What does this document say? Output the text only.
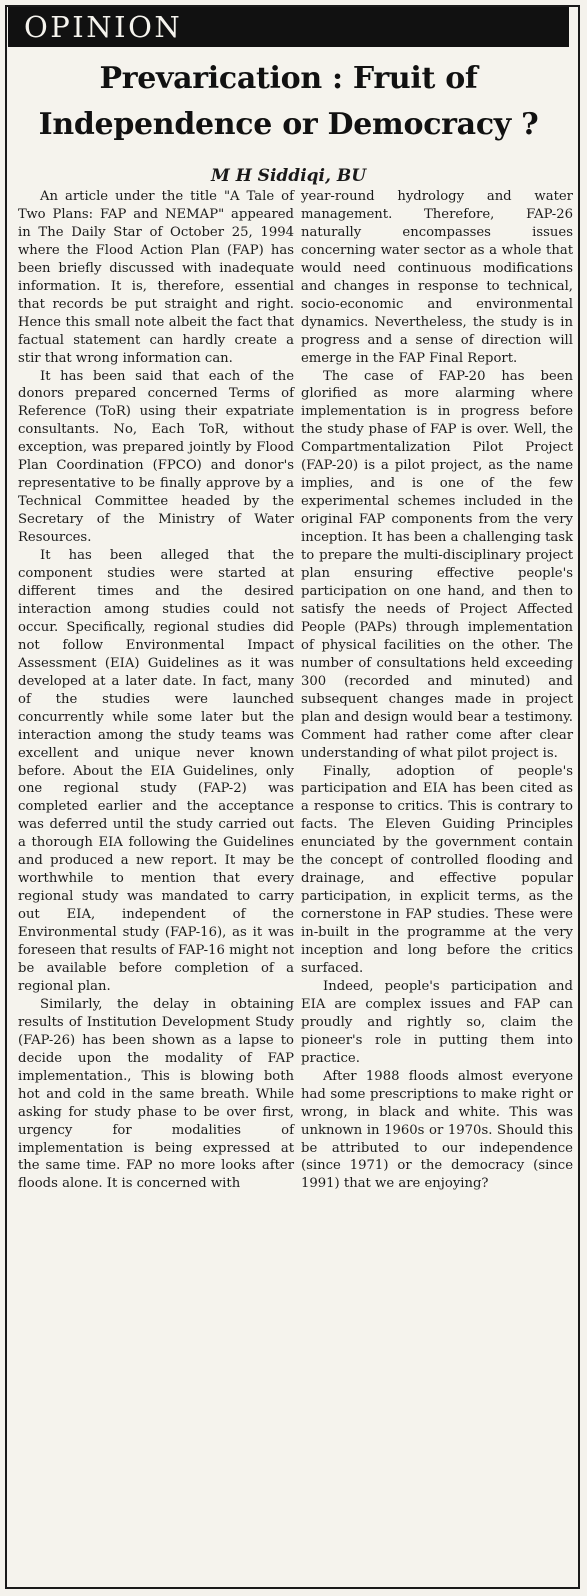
OPINION
Prevarication : Fruit of
Independence or Democracy ?
M H Siddiqi, BU

An article under the title "A Tale of Two Plans: FAP and NEMAP" appeared in The Daily Star of October 25, 1994 where the Flood Action Plan (FAP) has been briefly discussed with inadequate information. It is, therefore, essential that records be put straight and right. Hence this small note albeit the fact that factual statement can hardly create a stir that wrong information can.

It has been said that each of the donors prepared concerned Terms of Reference (ToR) using their expatriate consultants. No, Each ToR, without exception, was prepared jointly by Flood Plan Coordination (FPCO) and donor's representative to be finally approve by a Technical Committee headed by the Secretary of the Ministry of Water Resources.

It has been alleged that the component studies were started at different times and the desired interaction among studies could not occur. Specifically, regional studies did not follow Environmental Impact Assessment (EIA) Guidelines as it was developed at a later date. In fact, many of the studies were launched concurrently while some later but the interaction among the study teams was excellent and unique never known before. About the EIA Guidelines, only one regional study (FAP-2) was completed earlier and the acceptance was deferred until the study carried out a thorough EIA following the Guidelines and produced a new report. It may be worthwhile to mention that every regional study was mandated to carry out EIA, independent of the Environmental study (FAP-16), as it was foreseen that results of FAP-16 might not be available before completion of a regional plan.

Similarly, the delay in obtaining results of Institution Development Study (FAP-26) has been shown as a lapse to decide upon the modality of FAP implementation., This is blowing both hot and cold in the same breath. While asking for study phase to be over first, urgency for modalities of implementation is being expressed at the same time. FAP no more looks after floods alone. It is concerned with

year-round hydrology and water management. Therefore, FAP-26 naturally encompasses issues concerning water sector as a whole that would need continuous modifications and changes in response to technical, socio-economic and environmental dynamics. Nevertheless, the study is in progress and a sense of direction will emerge in the FAP Final Report.

The case of FAP-20 has been glorified as more alarming where implementation is in progress before the study phase of FAP is over. Well, the Compartmentalization Pilot Project (FAP-20) is a pilot project, as the name implies, and is one of the few experimental schemes included in the original FAP components from the very inception. It has been a challenging task to prepare the multi-disciplinary project plan ensuring effective people's participation on one hand, and then to satisfy the needs of Project Affected People (PAPs) through implementation of physical facilities on the other. The number of consultations held exceeding 300 (recorded and minuted) and subsequent changes made in project plan and design would bear a testimony. Comment had rather come after clear understanding of what pilot project is.

Finally, adoption of people's participation and EIA has been cited as a response to critics. This is contrary to facts. The Eleven Guiding Principles enunciated by the government contain the concept of controlled flooding and drainage, and effective popular participation, in explicit terms, as the cornerstone in FAP studies. These were in-built in the programme at the very inception and long before the critics surfaced.

Indeed, people's participation and EIA are complex issues and FAP can proudly and rightly so, claim the pioneer's role in putting them into practice.

After 1988 floods almost everyone had some prescriptions to make right or wrong, in black and white. This was unknown in 1960s or 1970s. Should this be attributed to our independence (since 1971) or the democracy (since 1991) that we are enjoying?
